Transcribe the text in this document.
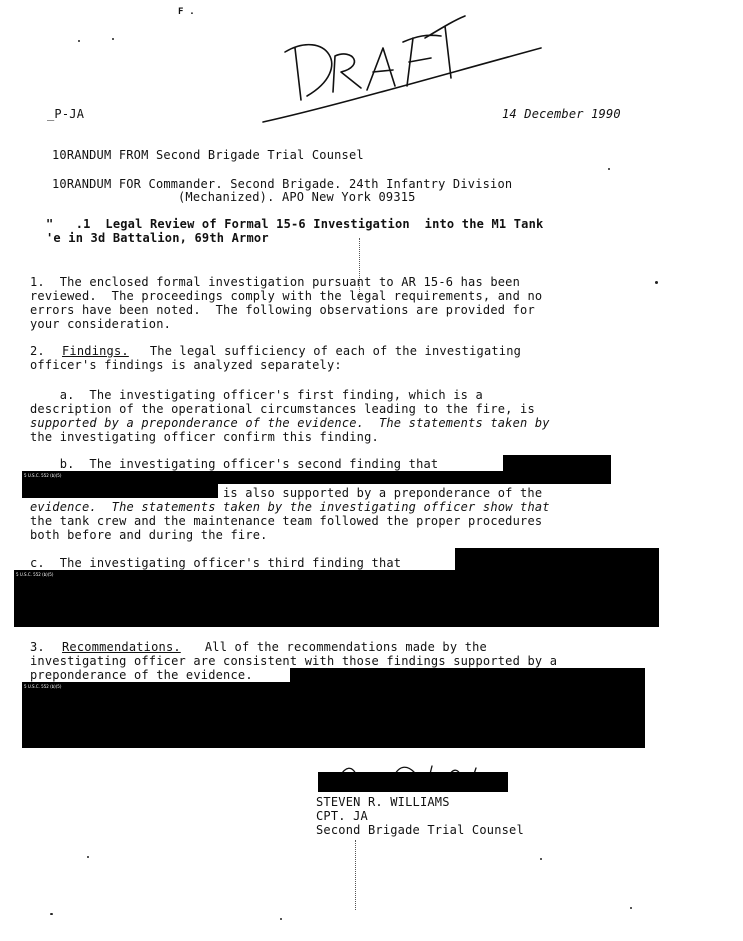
F .
_P-JA	14 December 1990
10RANDUM FROM Second Brigade Trial Counsel
10RANDUM FOR Commander. Second Brigade. 24th Infantry Division
(Mechanized). APO New York 09315
"   .1  Legal Review of Formal 15-6 Investigation  into the M1 Tank
'e in 3d Battalion, 69th Armor
1.  The enclosed formal investigation pursuant to AR 15-6 has been
reviewed.  The proceedings comply with the legal requirements, and no
errors have been noted.  The following observations are provided for
your consideration.
2. Findings. The legal sufficiency of each of the investigating
officer's findings is analyzed separately:
a.  The investigating officer's first finding, which is a
description of the operational circumstances leading to the fire, is
supported by a preponderance of the evidence.  The statements taken by
the investigating officer confirm this finding.
b.  The investigating officer's second finding that
5 U.S.C. 552 (b)(5)
is also supported by a preponderance of the
evidence.  The statements taken by the investigating officer show that
the tank crew and the maintenance team followed the proper procedures
both before and during the fire.
c.  The investigating officer's third finding that
5 U.S.C. 552 (b)(5)
3. Recommendations. All of the recommendations made by the
investigating officer are consistent with those findings supported by a
preponderance of the evidence.
5 U.S.C. 552 (b)(5)
STEVEN R. WILLIAMS
CPT. JA
Second Brigade Trial Counsel
